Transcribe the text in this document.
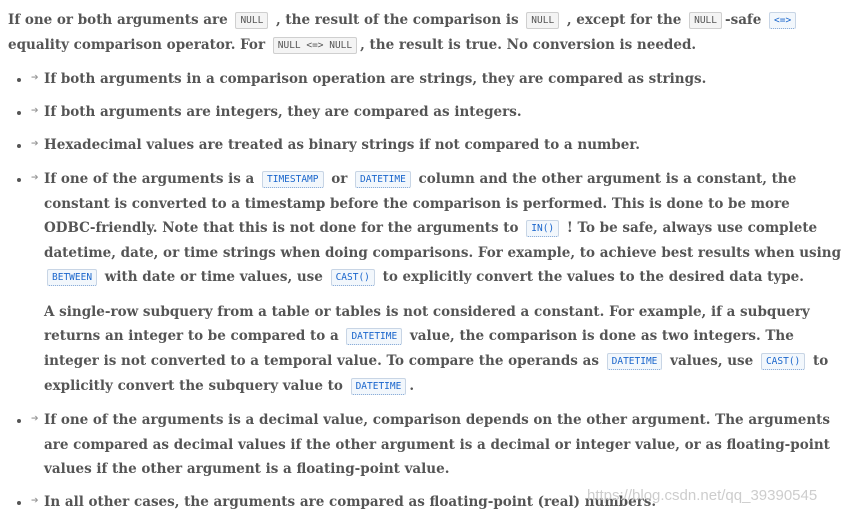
If one or both arguments are NULL , the result of the comparison is NULL , except for the NULL -safe <=> equality comparison operator. For NULL <=> NULL , the result is true. No conversion is needed.

➔ If both arguments in a comparison operation are strings, they are compared as strings.
➔ If both arguments are integers, they are compared as integers.
➔ Hexadecimal values are treated as binary strings if not compared to a number.
➔ If one of the arguments is a TIMESTAMP or DATETIME column and the other argument is a constant, the constant is converted to a timestamp before the comparison is performed. This is done to be more ODBC-friendly. Note that this is not done for the arguments to IN() ! To be safe, always use complete datetime, date, or time strings when doing comparisons. For example, to achieve best results when using BETWEEN with date or time values, use CAST() to explicitly convert the values to the desired data type.

A single-row subquery from a table or tables is not considered a constant. For example, if a subquery returns an integer to be compared to a DATETIME value, the comparison is done as two integers. The integer is not converted to a temporal value. To compare the operands as DATETIME values, use CAST() to explicitly convert the subquery value to DATETIME .

➔ If one of the arguments is a decimal value, comparison depends on the other argument. The arguments are compared as decimal values if the other argument is a decimal or integer value, or as floating-point values if the other argument is a floating-point value.
➔ In all other cases, the arguments are compared as floating-point (real) numbers.
https://blog.csdn.net/qq_39390545
